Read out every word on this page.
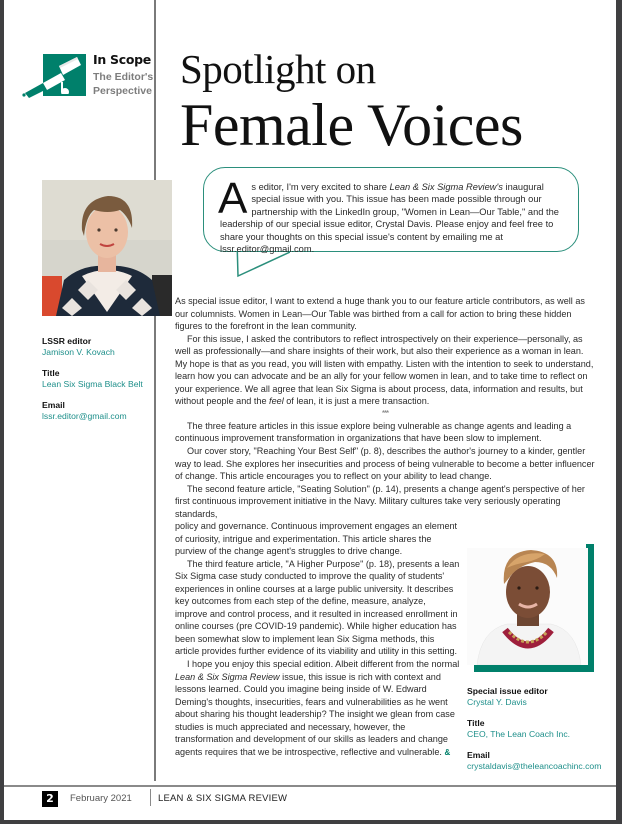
In Scope
The Editor's
Perspective Spotlight on
Female Voices
As editor, I'm very excited to share Lean & Six Sigma Review's inaugural special issue with you. This issue has been made possible through our partnership with the LinkedIn group, "Women in Lean—Our Table," and the leadership of our special issue editor, Crystal Davis. Please enjoy and feel free to share your thoughts on this special issue's content by emailing me at lssr.editor@gmail.com.
LSSR editor
Jamison V. Kovach
Title
Lean Six Sigma Black Belt
Email
lssr.editor@gmail.com

As special issue editor, I want to extend a huge thank you to our feature article contributors, as well as our columnists. Women in Lean—Our Table was birthed from a call for action to bring these hidden figures to the forefront in the lean community.

For this issue, I asked the contributors to reflect introspectively on their experience—personally, as well as professionally—and share insights of their work, but also their experience as a woman in lean. My hope is that as you read, you will listen with empathy. Listen with the intention to seek to understand, learn how you can advocate and be an ally for your fellow women in lean, and to take time to reflect on your experience. We all agree that lean Six Sigma is about process, data, information and results, but without people and the feel of lean, it is just a mere transaction.

***

The three feature articles in this issue explore being vulnerable as change agents and leading a continuous improvement transformation in organizations that have been slow to implement.

Our cover story, "Reaching Your Best Self" (p. 8), describes the author's journey to a kinder, gentler way to lead. She explores her insecurities and process of being vulnerable to become a better influencer of change. This article encourages you to reflect on your ability to lead change.

The second feature article, "Seating Solution" (p. 14), presents a change agent's perspective of her first continuous improvement initiative in the Navy. Military cultures take very seriously operating standards,

policy and governance. Continuous improvement engages an element of curiosity, intrigue and experimentation. This article shares the purview of the change agent's struggles to drive change.

The third feature article, "A Higher Purpose" (p. 18), presents a lean Six Sigma case study conducted to improve the quality of students' experiences in online courses at a large public university. It describes key outcomes from each step of the define, measure, analyze, improve and control process, and it resulted in increased enrollment in online courses (pre COVID-19 pandemic). While higher education has been somewhat slow to implement lean Six Sigma methods, this article provides further evidence of its viability and utility in this setting.

I hope you enjoy this special edition. Albeit different from the normal Lean & Six Sigma Review issue, this issue is rich with context and lessons learned. Could you imagine being inside of W. Edward Deming's thoughts, insecurities, fears and vulnerabilities as he went about sharing his thought leadership? The insight we glean from case studies is much appreciated and necessary, however, the transformation and development of our skills as leaders and change agents requires that we be introspective, reflective and vulnerable. &

Special issue editor
Crystal Y. Davis
Title
CEO, The Lean Coach Inc.
Email
crystaldavis@theleancoachinc.com
2	February 2021	LEAN & SIX SIGMA REVIEW
